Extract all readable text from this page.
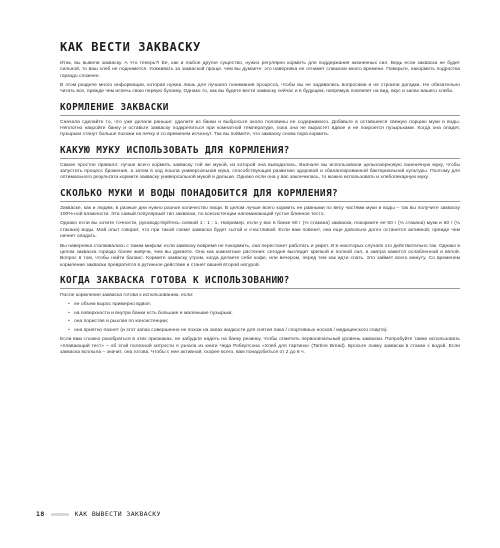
КАК ВЕСТИ ЗАКВАСКУ

Итак, вы вывели закваску. А что теперь?! Ее, как и любое другое существо, нужно регулярно кормить для поддержания жизненных сил. Ведь если закваска не будет сильной, то ваш хлеб не поднимется. Ухаживать за закваской проще, чем вы думаете: это наверняка не отнимет слишком много времени. Поверьте, накормить подростка гораздо сложнее.

В этом разделе много информации, которая нужна лишь для лучшего понимания процесса, чтобы вы не задавались вопросами и не строили догадки. Не обязательно читать все, прежде чем испечь свою первую буханку. Однако то, как вы будете вести закваску сейчас и в будущем, напрямую повлияет на вид, вкус и запах вашего хлеба.

КОРМЛЕНИЕ ЗАКВАСКИ

Сначала сделайте то, что уже делали раньше: удалите из банки и выбросьте около половины ее содержимого. Добавьте в оставшееся свежую порцию муки и воды. Неплотно накройте банку и оставьте закваску подкрепиться при комнатной температуре, пока она не вырастет вдвое и не покроется пузырьками. Когда она опадет, пузырьки станут больше похожи на печку и со временем исчезнут. Так вы поймете, что закваску снова пора кормить.

КАКУЮ МУКУ ИСПОЛЬЗОВАТЬ ДЛЯ КОРМЛЕНИЯ?

Самое простое правило: лучше всего кормить закваску той же мукой, из которой она выводилась. Вначале вы использовали цельнозерновую пшеничную муку, чтобы запустить процесс брожения, а затем в ход пошла универсальная мука, способствующая развитию здоровой и сбалансированной бактериальной культуры. Поэтому для оптимального результата кормите закваску универсальной мукой и дальше. Однако если она у вас закончилась, то можно использовать и хлебопекарную муку.

СКОЛЬКО МУКИ И ВОДЫ ПОНАДОБИТСЯ ДЛЯ КОРМЛЕНИЯ?

Закваске, как и людям, в разные дни нужно разное количество пищи. В целом лучше всего кормить ее равными по весу частями муки и воды – так вы получите закваску 100%-ной влажности. Эта самый популярный тип закваски, по консистенции напоминающий густое блинное тесто.

Однако если вы хотите точности, руководствуйтесь схемой 1 : 1 : 1. Например, если у вас в банке 60 г (⅓ стакана) закваски, покормите ее 60 г (⅓ стакана) муки и 60 г (¼ стакана) воды. Мой опыт говорит, что при такой схеме закваска будет сытой и счастливой. Если вам повезет, она еще довольно долго останется активной, прежде чем начнет опадать.

Вы наверняка сталкивались с таким мифом: если закваску вовремя не покормить, она перестанет работать и умрет. И в некоторых случаях это действительно так. Однако в целом закваска гораздо более живуча, чем вы думаете. Она как комнатные растения: сегодня выглядит крепкой и полной сил, а завтра кажется ослабленной и вялой. Вопрос в том, чтобы найти баланс. Кормите закваску утром, когда делаете себе кофе, или вечером, перед тем как идти спать. Это займет всего минуту. Со временем кормление закваски превратится в рутинное действие и станет вашей второй натурой.

КОГДА ЗАКВАСКА ГОТОВА К ИСПОЛЬЗОВАНИЮ?

После кормления закваска готова к использованию, если:

• ее объем вырос примерно вдвое;
• на поверхности и внутри банки есть большие и маленькие пузырьки;
• она пористая и рыхлая по консистенции;
• она приятно пахнет (и этот запах совершенно не похож на запах жидкости для снятия лака / спортивных носков / медицинского спирта).

Если вам сложно разобраться в этих признаках, не забудьте надеть на банку резинку, чтобы отметить первоначальный уровень закваски. Попробуйте также использовать «плавающий тест» – об этой полезной хитрости я узнала из книги Чеда Робертсона «Хлеб для тартина» (Tartine Bread). Бросьте ложку закваски в стакан с водой. Если закваска всплыла – значит, она готова. Чтобы с нее активной, скорее всего, вам понадобиться от 2 до 8 ч.

18	КАК ВЫВЕСТИ ЗАКВАСКУ
